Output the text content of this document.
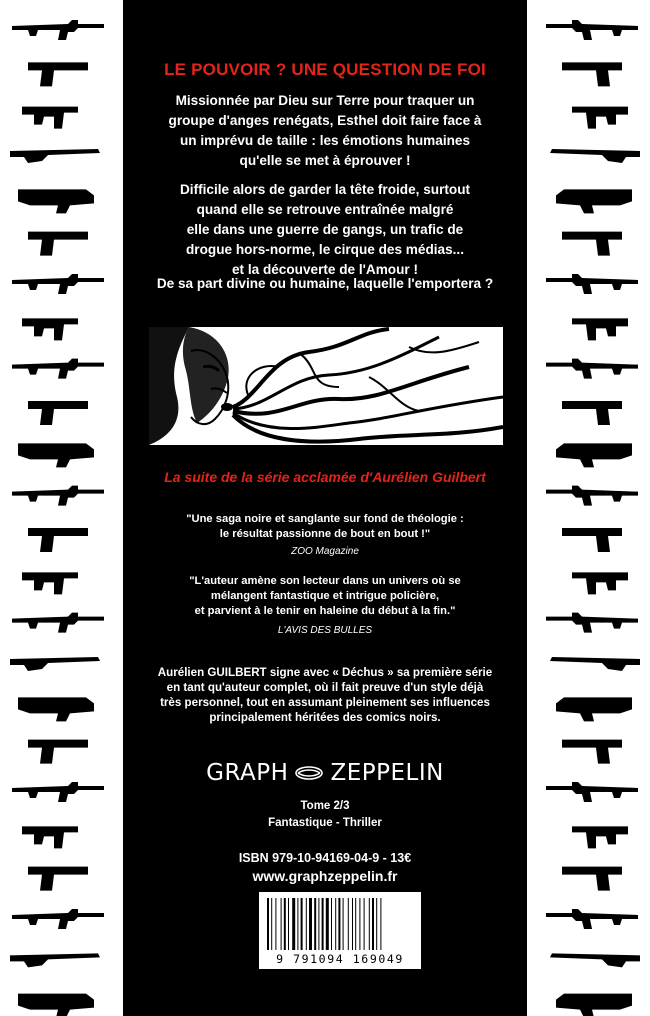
LE POUVOIR ? UNE QUESTION DE FOI

Missionnée par Dieu sur Terre pour traquer un
groupe d'anges renégats, Esthel doit faire face à
un imprévu de taille : les émotions humaines
qu'elle se met à éprouver !

Difficile alors de garder la tête froide, surtout
quand elle se retrouve entraînée malgré
elle dans une guerre de gangs, un trafic de
drogue hors-norme, le cirque des médias...
et la découverte de l'Amour !

De sa part divine ou humaine, laquelle l'emportera ?

La suite de la série acclamée d'Aurélien Guilbert

"Une saga noire et sanglante sur fond de théologie :
le résultat passionne de bout en bout !"

ZOO Magazine

"L'auteur amène son lecteur dans un univers où se
mélangent fantastique et intrigue policière,
et parvient à le tenir en haleine du début à la fin."

L'AVIS DES BULLES

Aurélien GUILBERT signe avec « Déchus » sa première série
en tant qu'auteur complet, où il fait preuve d'un style déjà
très personnel, tout en assumant pleinement ses influences
principalement héritées des comics noirs.

GRAPH ZEPPELIN

Tome 2/3

Fantastique - Thriller

ISBN 979-10-94169-04-9 - 13€

www.graphzeppelin.fr

9 791094 169049
